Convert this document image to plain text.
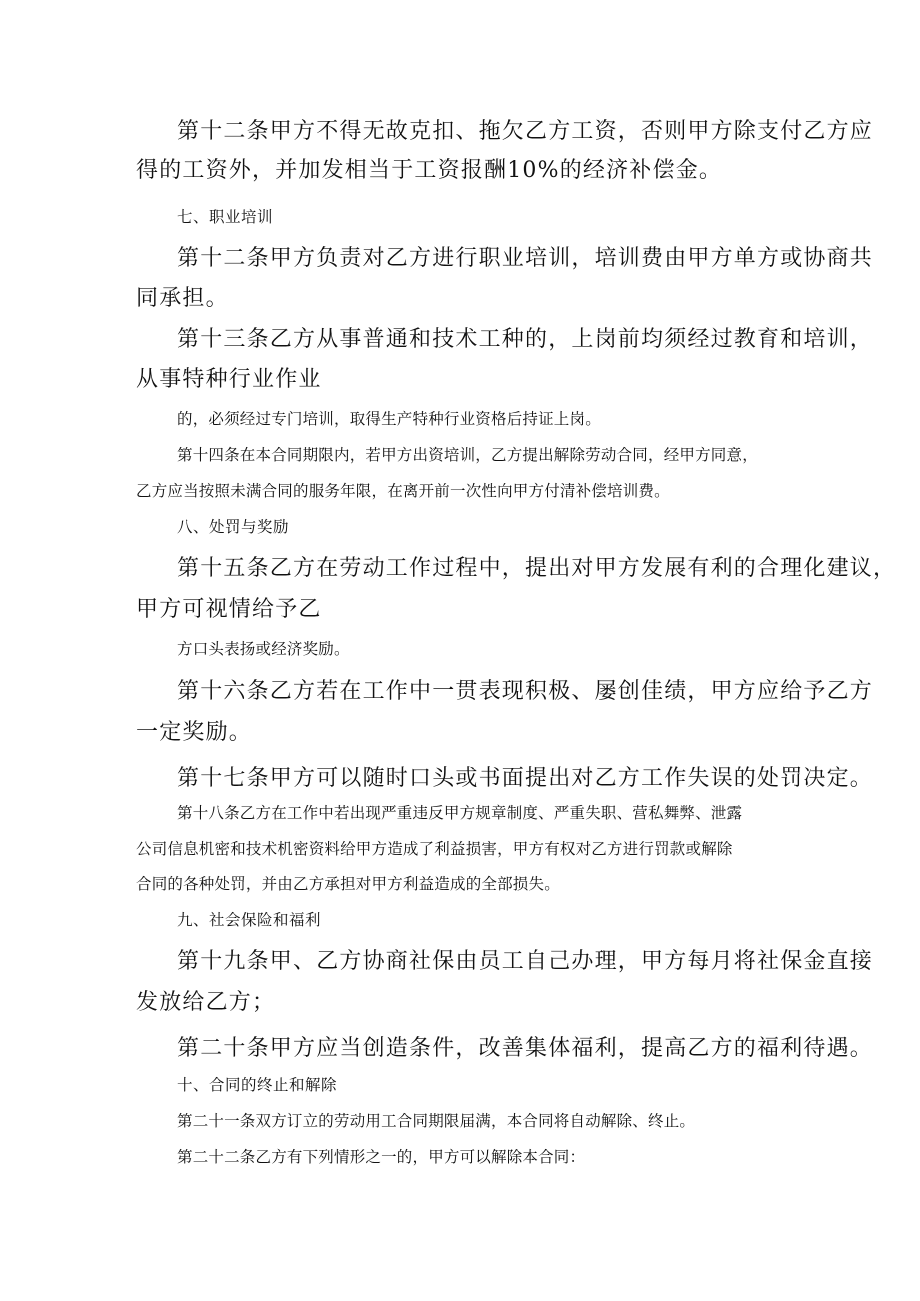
第十二条甲方不得无故克扣、拖欠乙方工资，否则甲方除支付乙方应

得的工资外，并加发相当于工资报酬10%的经济补偿金。

七、职业培训

第十二条甲方负责对乙方进行职业培训，培训费由甲方单方或协商共

同承担。

第十三条乙方从事普通和技术工种的，上岗前均须经过教育和培训，

从事特种行业作业

的，必须经过专门培训，取得生产特种行业资格后持证上岗。

第十四条在本合同期限内，若甲方出资培训，乙方提出解除劳动合同，经甲方同意，

乙方应当按照未满合同的服务年限，在离开前一次性向甲方付清补偿培训费。

八、处罚与奖励

第十五条乙方在劳动工作过程中，提出对甲方发展有利的合理化建议，

甲方可视情给予乙

方口头表扬或经济奖励。

第十六条乙方若在工作中一贯表现积极、屡创佳绩，甲方应给予乙方

一定奖励。

第十七条甲方可以随时口头或书面提出对乙方工作失误的处罚决定。

第十八条乙方在工作中若出现严重违反甲方规章制度、严重失职、营私舞弊、泄露

公司信息机密和技术机密资料给甲方造成了利益损害，甲方有权对乙方进行罚款或解除

合同的各种处罚，并由乙方承担对甲方利益造成的全部损失。

九、社会保险和福利

第十九条甲、乙方协商社保由员工自己办理，甲方每月将社保金直接

发放给乙方；

第二十条甲方应当创造条件，改善集体福利，提高乙方的福利待遇。

十、合同的终止和解除

第二十一条双方订立的劳动用工合同期限届满，本合同将自动解除、终止。

第二十二条乙方有下列情形之一的，甲方可以解除本合同：
